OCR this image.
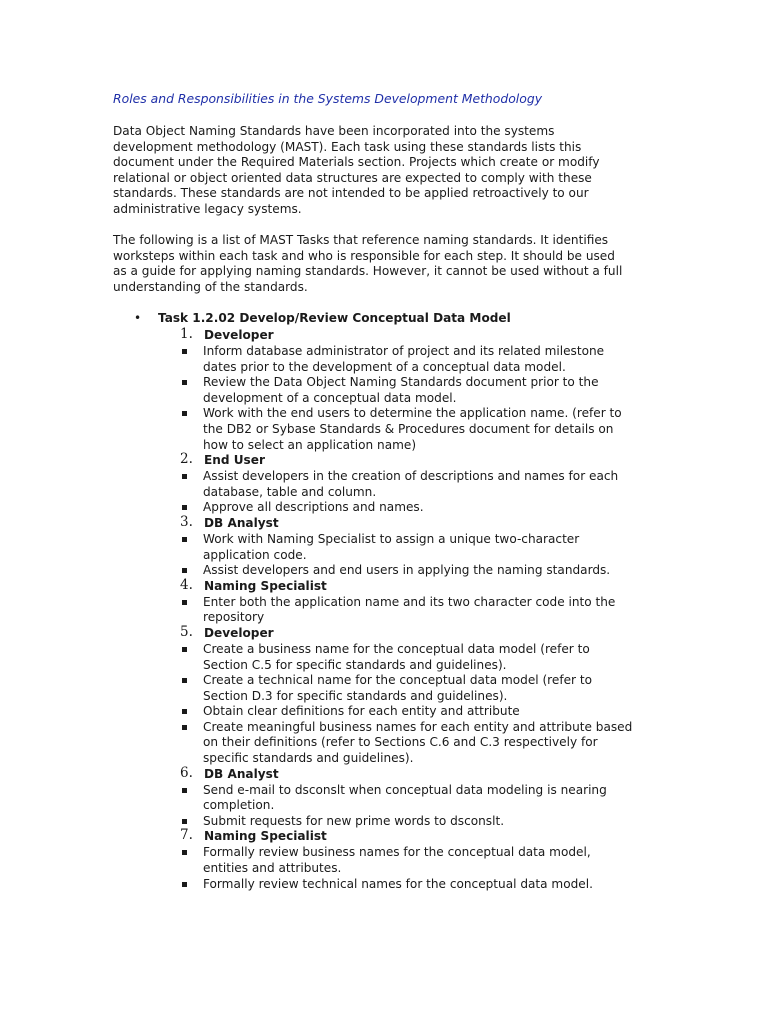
Roles and Responsibilities in the Systems Development Methodology

Data Object Naming Standards have been incorporated into the systems
development methodology (MAST). Each task using these standards lists this
document under the Required Materials section. Projects which create or modify
relational or object oriented data structures are expected to comply with these
standards. These standards are not intended to be applied retroactively to our
administrative legacy systems.

The following is a list of MAST Tasks that reference naming standards. It identifies
worksteps within each task and who is responsible for each step. It should be used
as a guide for applying naming standards. However, it cannot be used without a full
understanding of the standards.

• Task 1.2.02 Develop/Review Conceptual Data Model
1. Developer
Inform database administrator of project and its related milestone
dates prior to the development of a conceptual data model.
Review the Data Object Naming Standards document prior to the
development of a conceptual data model.
Work with the end users to determine the application name. (refer to
the DB2 or Sybase Standards & Procedures document for details on
how to select an application name)
2. End User
Assist developers in the creation of descriptions and names for each
database, table and column.
Approve all descriptions and names.
3. DB Analyst
Work with Naming Specialist to assign a unique two-character
application code.
Assist developers and end users in applying the naming standards.
4. Naming Specialist
Enter both the application name and its two character code into the
repository
5. Developer
Create a business name for the conceptual data model (refer to
Section C.5 for specific standards and guidelines).
Create a technical name for the conceptual data model (refer to
Section D.3 for specific standards and guidelines).
Obtain clear definitions for each entity and attribute
Create meaningful business names for each entity and attribute based
on their definitions (refer to Sections C.6 and C.3 respectively for
specific standards and guidelines).
6. DB Analyst
Send e-mail to dsconslt when conceptual data modeling is nearing
completion.
Submit requests for new prime words to dsconslt.
7. Naming Specialist
Formally review business names for the conceptual data model,
entities and attributes.
Formally review technical names for the conceptual data model.
